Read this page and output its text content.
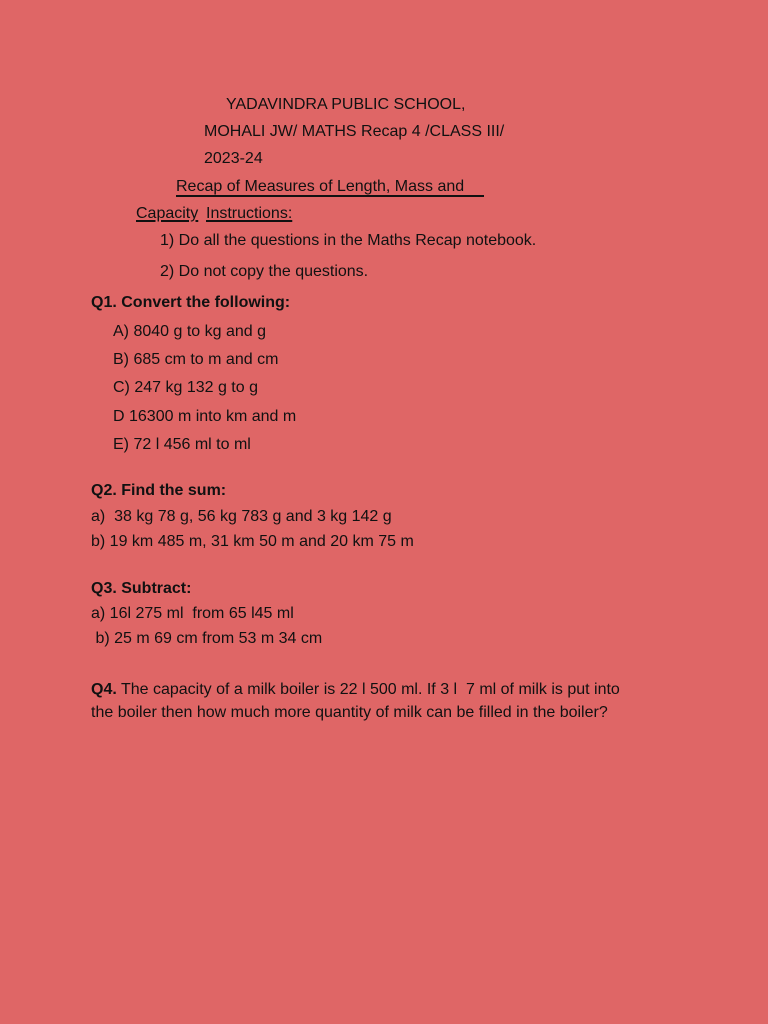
YADAVINDRA PUBLIC SCHOOL,
MOHALI JW/ MATHS Recap 4 /CLASS III/
2023-24
Recap of Measures of Length, Mass and
Capacity Instructions:
1) Do all the questions in the Maths Recap notebook.
2) Do not copy the questions.
Q1. Convert the following:
A) 8040 g to kg and g
B) 685 cm to m and cm
C) 247 kg 132 g to g
D 16300 m into km and m
E) 72 l 456 ml to ml
Q2. Find the sum:
a)  38 kg 78 g, 56 kg 783 g and 3 kg 142 g
b) 19 km 485 m, 31 km 50 m and 20 km 75 m
Q3. Subtract:
a) 16l 275 ml  from 65 l45 ml
b) 25 m 69 cm from 53 m 34 cm
Q4. The capacity of a milk boiler is 22 l 500 ml. If 3 l  7 ml of milk is put into
the boiler then how much more quantity of milk can be filled in the boiler?
